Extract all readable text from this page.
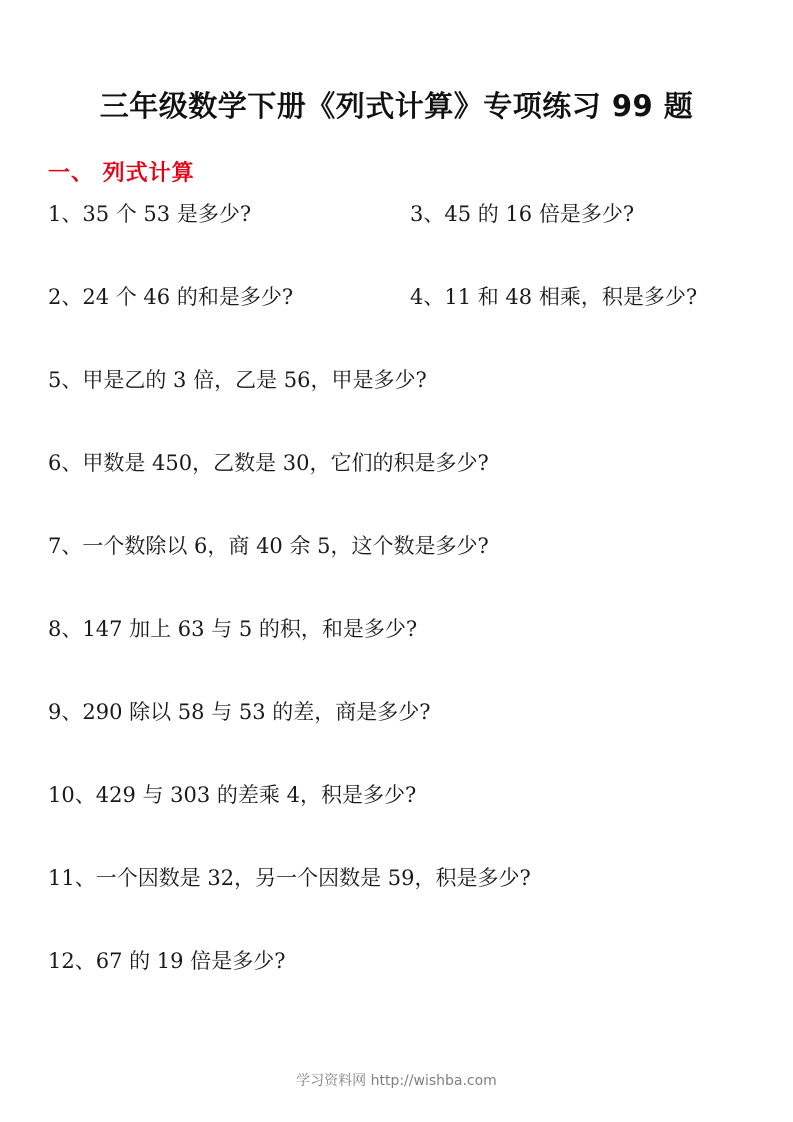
三年级数学下册《列式计算》专项练习 99 题
一、 列式计算
1、35 个 53 是多少?	3、45 的 16 倍是多少?
2、24 个 46 的和是多少?	4、11 和 48 相乘，积是多少?
5、甲是乙的 3 倍，乙是 56，甲是多少?
6、甲数是 450，乙数是 30，它们的积是多少?
7、一个数除以 6，商 40 余 5，这个数是多少?
8、147 加上 63 与 5 的积，和是多少?
9、290 除以 58 与 53 的差，商是多少?
10、429 与 303 的差乘 4，积是多少?
11、一个因数是 32，另一个因数是 59，积是多少?
12、67 的 19 倍是多少?
学习资料网 http://wishba.com
